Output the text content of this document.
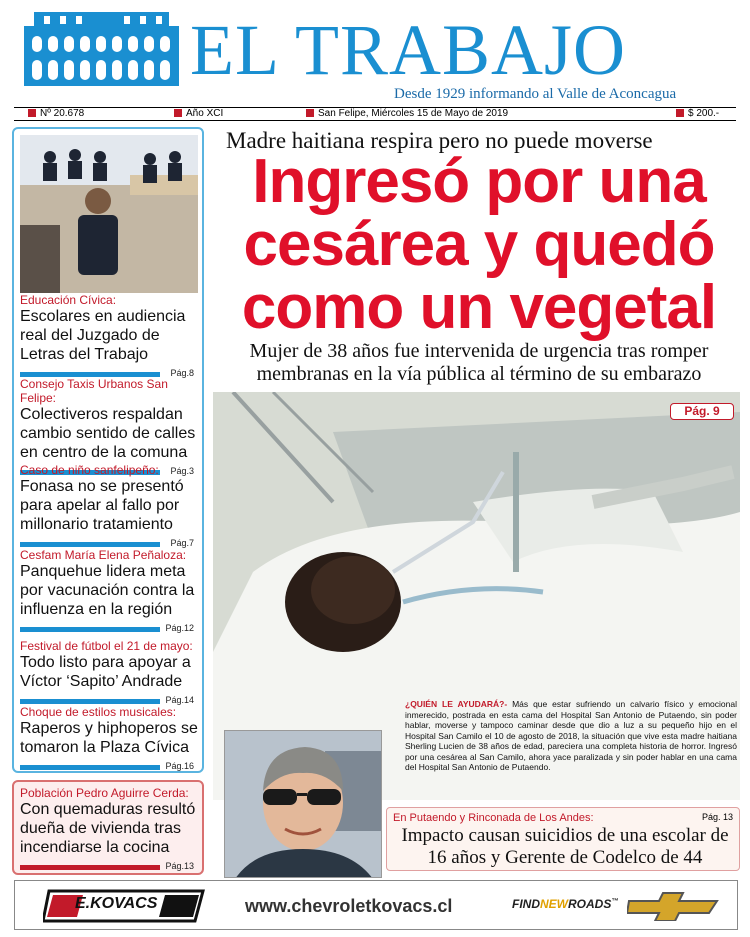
EL TRABAJO
Desde 1929 informando al Valle de Aconcagua
Nº 20.678	Año XCI	San Felipe, Miércoles 15 de Mayo de 2019	$ 200.-
Educación Cívica:
Escolares en audiencia real del Juzgado de Letras del Trabajo
Pág.8
Consejo Taxis Urbanos San Felipe:
Colectiveros respaldan cambio sentido de calles en centro de la comuna
Pág.3
Caso de niño sanfelipeño:
Fonasa no se presentó para apelar al fallo por millonario tratamiento
Pág.7
Cesfam María Elena Peñaloza:
Panquehue lidera meta por vacunación contra la influenza en la región
Pág.12
Festival de fútbol el 21 de mayo:
Todo listo para apoyar a Víctor ‘Sapito’ Andrade
Pág.14
Choque de estilos musicales:
Raperos y hiphoperos se tomaron la Plaza Cívica
Pág.16
Población Pedro Aguirre Cerda:
Con quemaduras resultó dueña de vivienda tras incendiarse la cocina
Pág.13
Madre haitiana respira pero no puede moverse
Ingresó por una cesárea y quedó como un vegetal
Mujer de 38 años fue intervenida de urgencia tras romper membranas en la vía pública al término de su embarazo
Pág. 9
¿QUIÉN LE AYUDARÁ?- Más que estar sufriendo un calvario físico y emocional inmerecido, postrada en esta cama del Hospital San Antonio de Putaendo, sin poder hablar, moverse y tampoco caminar desde que dio a luz a su pequeño hijo en el Hospital San Camilo el 10 de agosto de 2018, la situación que vive esta madre haitiana Sherling Lucien de 38 años de edad, pareciera una completa historia de horror. Ingresó por una cesárea al San Camilo, ahora yace paralizada y sin poder hablar en una cama del Hospital San Antonio de Putaendo.
En Putaendo y Rinconada de Los Andes:	Pág. 13
Impacto causan suicidios de una escolar de 16 años y Gerente de Codelco de 44
E.KOVACS	www.chevroletkovacs.cl	FINDNEWROADS™
